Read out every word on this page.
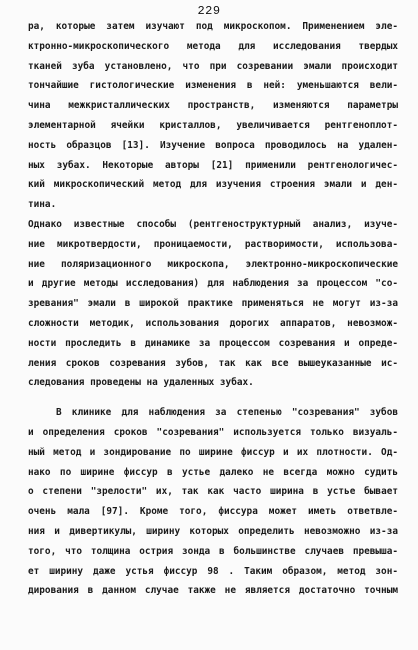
229
ра, которые затем изучают под микроскопом. Применением эле-
ктронно-микроскопического метода для исследования твердых
тканей зуба установлено, что при созревании эмали происходит
тончайшие гистологические изменения в ней: уменьшаются вели-
чина межкристаллических пространств, изменяются параметры
элементарной ячейки кристаллов, увеличивается рентгеноплот-
ность образцов [13]. Изучение вопроса проводилось на удален-
ных зубах. Некоторые авторы [21] применили рентгенологичес-
кий микроскопический метод для изучения строения эмали и ден-
тина.
Однако известные способы (рентгеноструктурный анализ, изуче-
ние микротвердости, проницаемости, растворимости, использова-
ние поляризационного микроскопа, электронно-микроскопические
и другие методы исследования) для наблюдения за процессом "со-
зревания" эмали в широкой практике применяться не могут из-за
сложности методик, использования дорогих аппаратов, невозмож-
ности проследить в динамике за процессом созревания и опреде-
ления сроков созревания зубов, так как все вышеуказанные ис-
следования проведены на удаленных зубах.
В клинике для наблюдения за степенью "созревания" зубов
и определения сроков "созревания" используется только визуаль-
ный метод и зондирование по ширине фиссур и их плотности. Од-
нако по ширине фиссур в устье далеко не всегда можно судить
о степени "зрелости" их, так как часто ширина в устье бывает
очень мала [97]. Кроме того, фиссура может иметь ответвле-
ния и дивертикулы, ширину которых определить невозможно из-за
того, что толщина острия зонда в большинстве случаев превыша-
ет ширину даже устья фиссур 98 . Таким образом, метод зон-
дирования в данном случае также не является достаточно точным
